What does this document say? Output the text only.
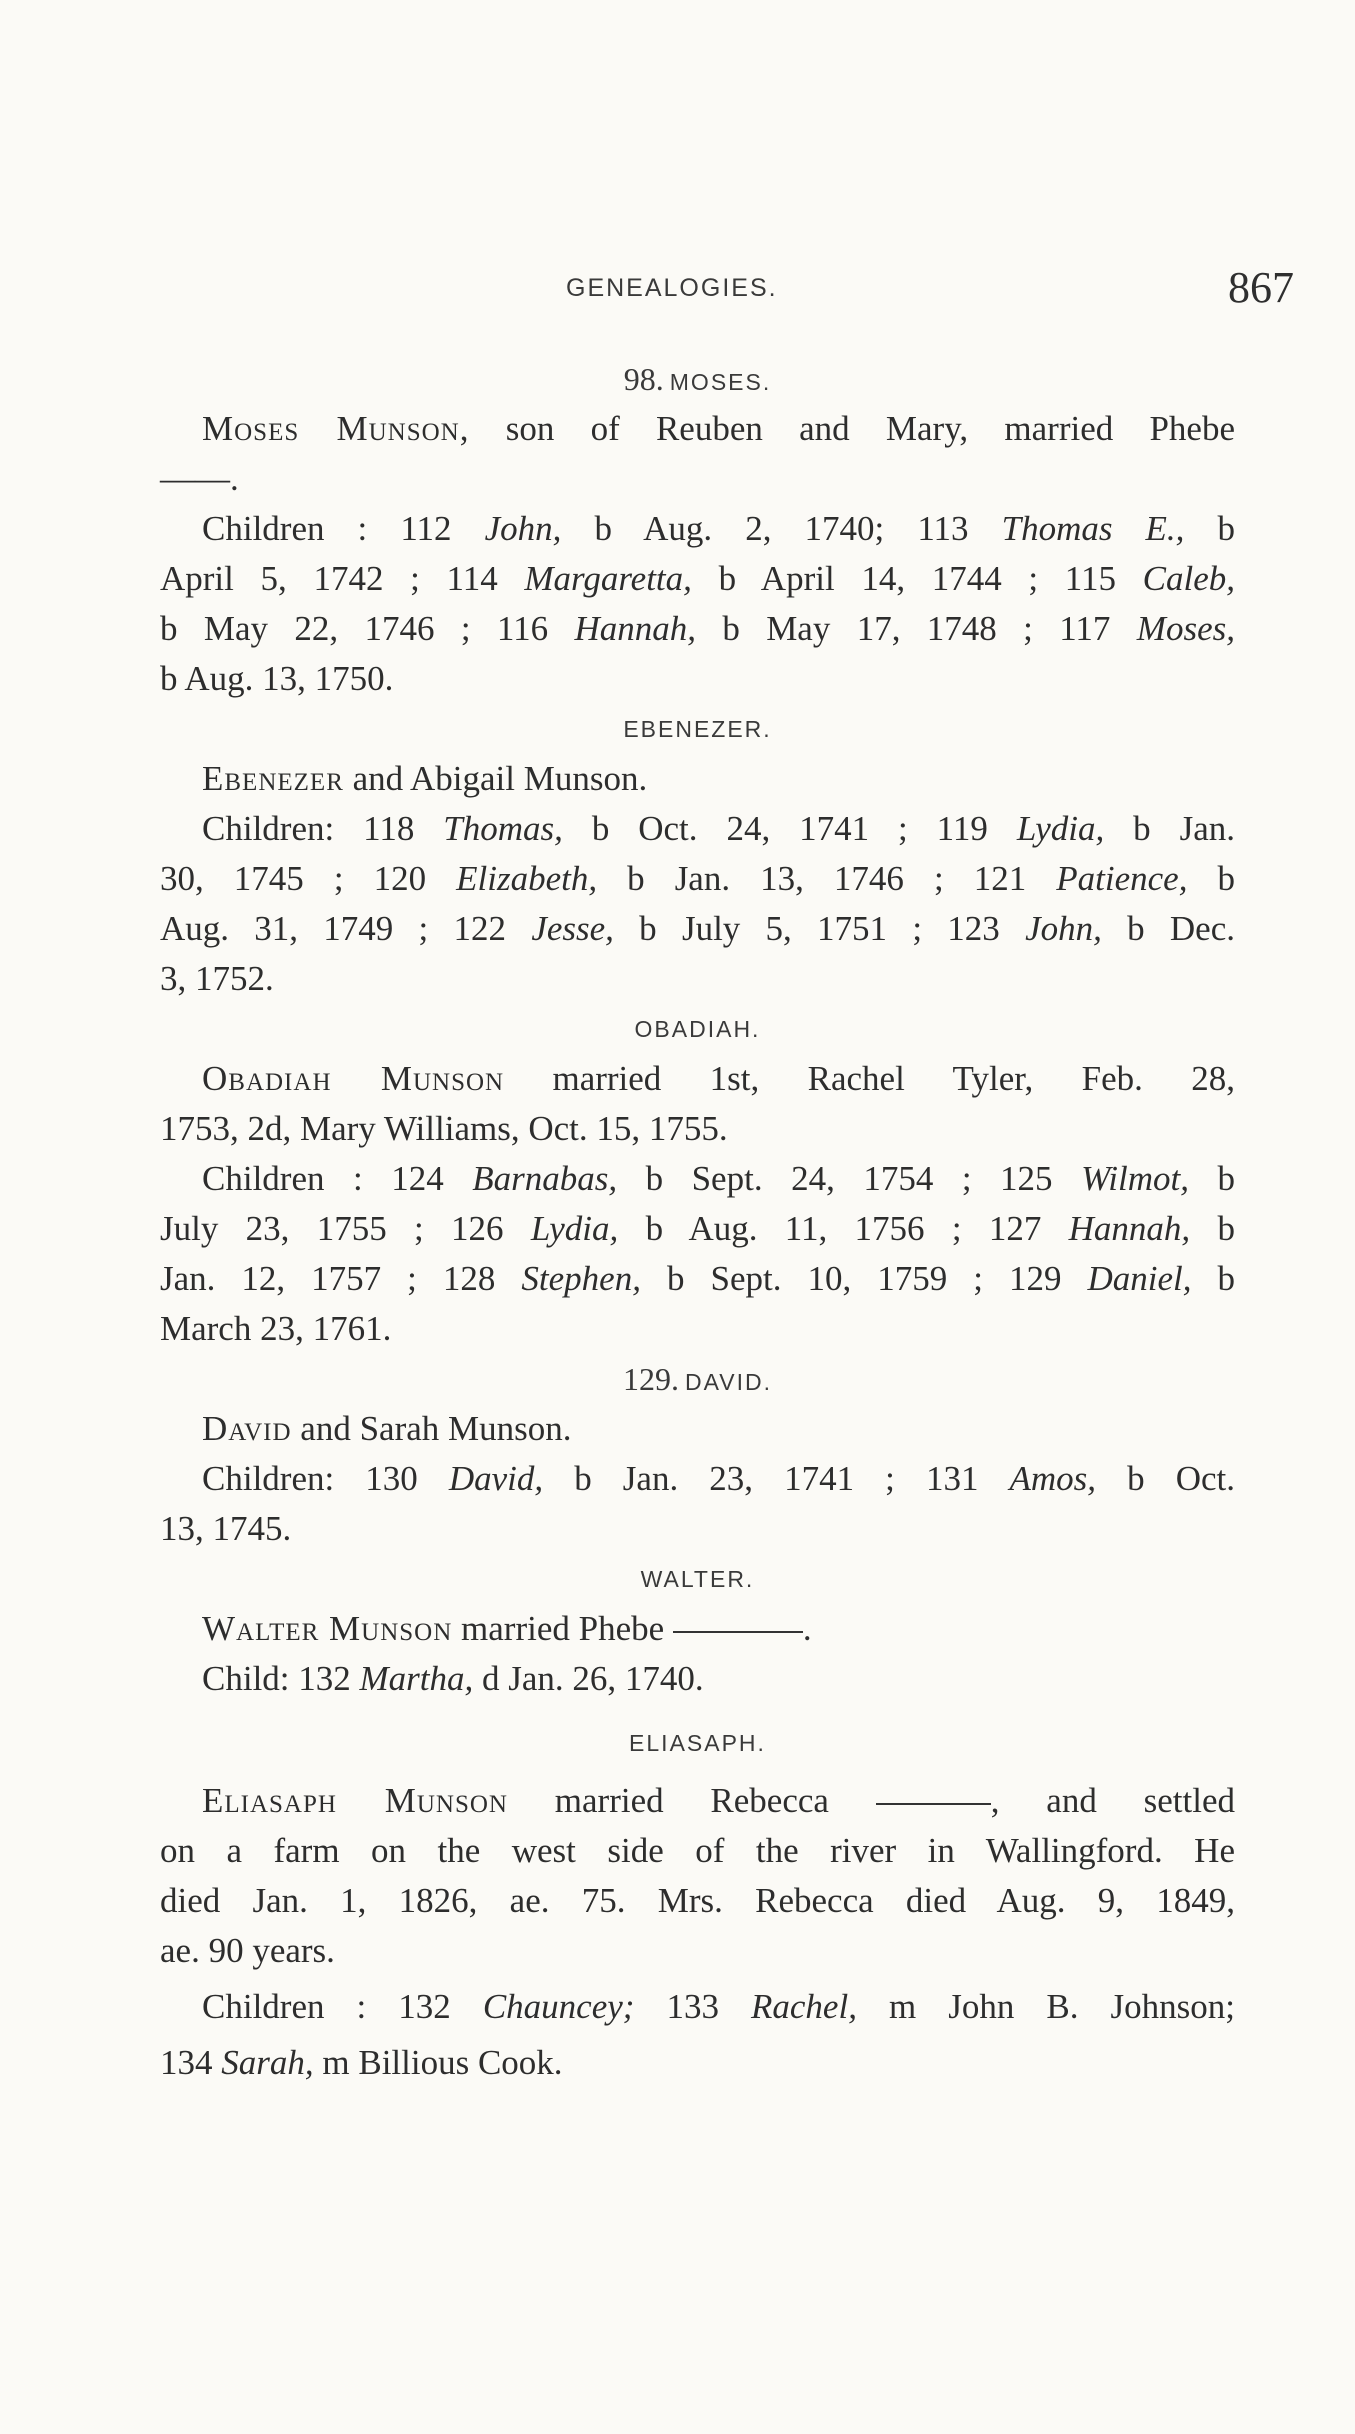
GENEALOGIES.	867
98. MOSES.
Moses Munson, son of Reuben and Mary, married Phebe
——.
Children : 112 John, b Aug. 2, 1740; 113 Thomas E., b
April 5, 1742 ; 114 Margaretta, b April 14, 1744 ; 115 Caleb,
b May 22, 1746 ; 116 Hannah, b May 17, 1748 ; 117 Moses,
b Aug. 13, 1750.
EBENEZER.
Ebenezer and Abigail Munson.
Children: 118 Thomas, b Oct. 24, 1741 ; 119 Lydia, b Jan.
30, 1745 ; 120 Elizabeth, b Jan. 13, 1746 ; 121 Patience, b
Aug. 31, 1749 ; 122 Jesse, b July 5, 1751 ; 123 John, b Dec.
3, 1752.
OBADIAH.
Obadiah Munson married 1st, Rachel Tyler, Feb. 28,
1753, 2d, Mary Williams, Oct. 15, 1755.
Children : 124 Barnabas, b Sept. 24, 1754 ; 125 Wilmot, b
July 23, 1755 ; 126 Lydia, b Aug. 11, 1756 ; 127 Hannah, b
Jan. 12, 1757 ; 128 Stephen, b Sept. 10, 1759 ; 129 Daniel, b
March 23, 1761.
129. DAVID.
David and Sarah Munson.
Children: 130 David, b Jan. 23, 1741 ; 131 Amos, b Oct.
13, 1745.
WALTER.
Walter Munson married Phebe	.
Child: 132 Martha, d Jan. 26, 1740.
ELIASAPH.
Eliasaph Munson married Rebecca	, and settled
on a farm on the west side of the river in Wallingford. He
died Jan. 1, 1826, ae. 75. Mrs. Rebecca died Aug. 9, 1849,
ae. 90 years.
Children : 132 Chauncey; 133 Rachel, m John B. Johnson;
134 Sarah, m Billious Cook.
